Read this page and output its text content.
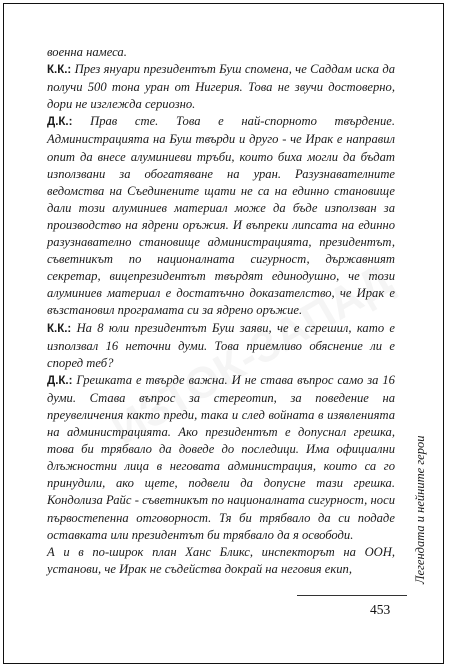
военна намеса.

К.К.: През януари президентът Буш спомена, че Саддам иска да получи 500 тона уран от Нигерия. Това не звучи достоверно, дори не изглежда сериозно.

Д.К.: Прав сте. Това е най-спорното твърдение. Администрацията на Буш твърди и друго - че Ирак е направил опит да внесе алуминиеви тръби, които биха могли да бъдат използвани за обогатяване на уран. Разузнавателните ведомства на Съединените щати не са на единно становище дали този алуминиев материал може да бъде използван за производство на ядрени оръжия. И въпреки липсата на единно разузнавателно становище администрацията, президентът, съветникът по националната сигурност, държавният секретар, вицепрезидентът твърдят единодушно, че този алуминиев материал е достатъчно доказателство, че Ирак е възстановил програмата си за ядрено оръжие.

К.К.: На 8 юли президентът Буш заяви, че е сгрешил, като е използвал 16 неточни думи. Това приемливо обяснение ли е според теб?

Д.К.: Грешката е твърде важна. И не става въпрос само за 16 думи. Става въпрос за стереотип, за поведение на преувеличения както преди, така и след войната в изявленията на администрацията. Ако президентът е допуснал грешка, това би трябвало да доведе до последици. Има официални длъжностни лица в неговата администрация, които са го принудили, ако щете, подвели да допусне тази грешка. Кондолиза Райс - съветникът по националната сигурност, носи първостепенна отговорност. Тя би трябвало да си подаде оставката или президентът би трябвало да я освободи.

А и в по-широк план Ханс Бликс, инспекторът на ООН, установи, че Ирак не съдейства докрай на неговия екип,	Легендата и нейните герои
453
